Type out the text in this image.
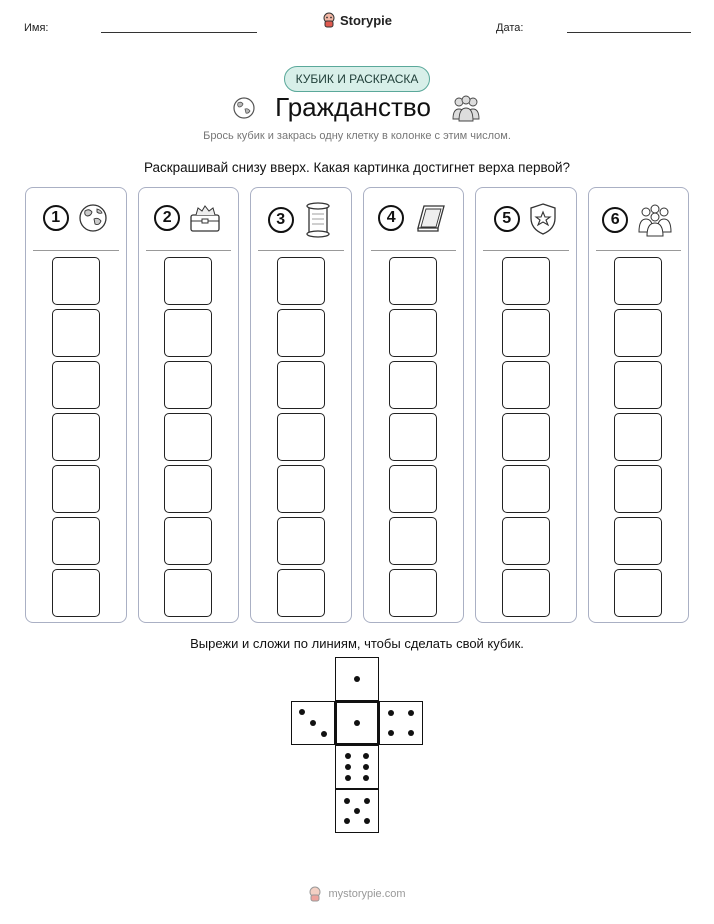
Имя:
Storypie
Дата:
КУБИК И РАСКРАСКА
Гражданство
Брось кубик и закрась одну клетку в колонке с этим числом.
Раскрашивай снизу вверх. Какая картинка достигнет верха первой?
1	2	3	4	5	6
Вырежи и сложи по линиям, чтобы сделать свой кубик.
mystorypie.com
